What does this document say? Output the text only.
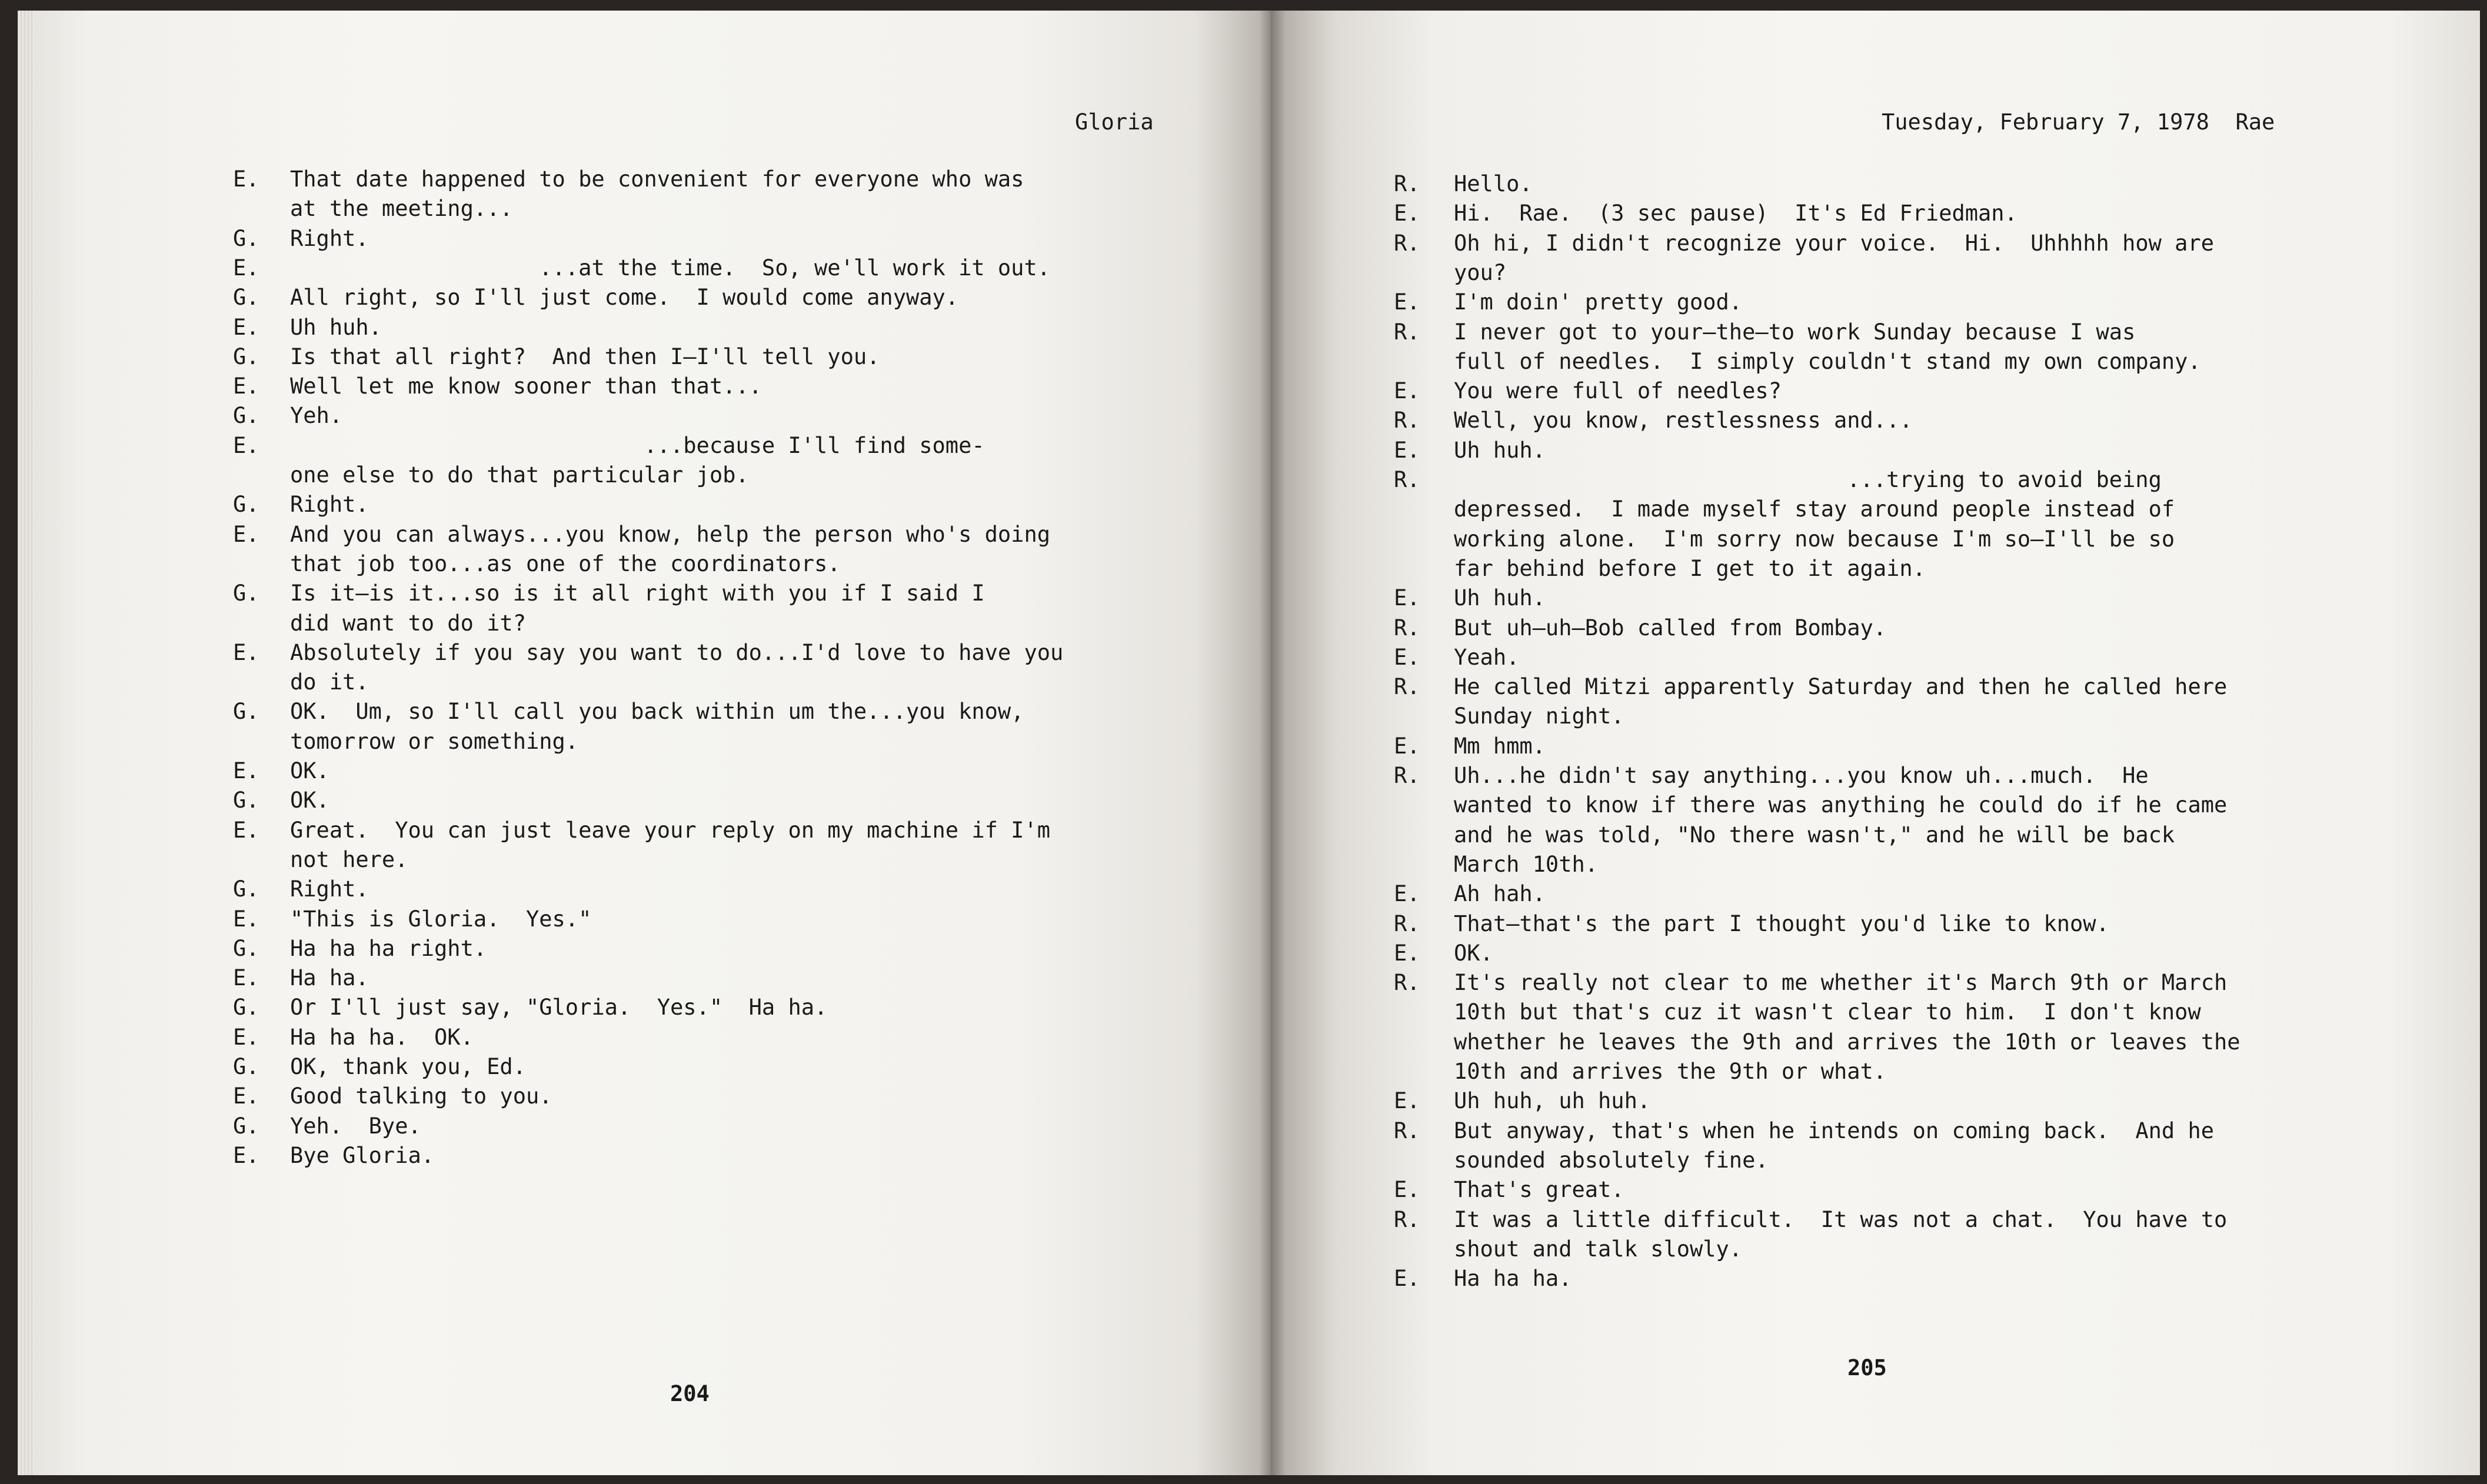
Gloria
E.	That date happened to be convenient for everyone who was
at the meeting...
G.	Right.
E.	...at the time.  So, we'll work it out.
G.	All right, so I'll just come.  I would come anyway.
E.	Uh huh.
G.	Is that all right?  And then I—I'll tell you.
E.	Well let me know sooner than that...
G.	Yeh.
E.	...because I'll find some-
one else to do that particular job.
G.	Right.
E.	And you can always...you know, help the person who's doing
that job too...as one of the coordinators.
G.	Is it—is it...so is it all right with you if I said I
did want to do it?
E.	Absolutely if you say you want to do...I'd love to have you
do it.
G.	OK.  Um, so I'll call you back within um the...you know,
tomorrow or something.
E.	OK.
G.	OK.
E.	Great.  You can just leave your reply on my machine if I'm
not here.
G.	Right.
E.	"This is Gloria.  Yes."
G.	Ha ha ha right.
E.	Ha ha.
G.	Or I'll just say, "Gloria.  Yes."  Ha ha.
E.	Ha ha ha.  OK.
G.	OK, thank you, Ed.
E.	Good talking to you.
G.	Yeh.  Bye.
E.	Bye Gloria.
204
Tuesday, February 7, 1978  Rae
R.	Hello.
E.	Hi.  Rae.  (3 sec pause)  It's Ed Friedman.
R.	Oh hi, I didn't recognize your voice.  Hi.  Uhhhhh how are
you?
E.	I'm doin' pretty good.
R.	I never got to your—the—to work Sunday because I was
full of needles.  I simply couldn't stand my own company.
E.	You were full of needles?
R.	Well, you know, restlessness and...
E.	Uh huh.
R.	...trying to avoid being
depressed.  I made myself stay around people instead of
working alone.  I'm sorry now because I'm so—I'll be so
far behind before I get to it again.
E.	Uh huh.
R.	But uh—uh—Bob called from Bombay.
E.	Yeah.
R.	He called Mitzi apparently Saturday and then he called here
Sunday night.
E.	Mm hmm.
R.	Uh...he didn't say anything...you know uh...much.  He
wanted to know if there was anything he could do if he came
and he was told, "No there wasn't," and he will be back
March 10th.
E.	Ah hah.
R.	That—that's the part I thought you'd like to know.
E.	OK.
R.	It's really not clear to me whether it's March 9th or March
10th but that's cuz it wasn't clear to him.  I don't know
whether he leaves the 9th and arrives the 10th or leaves the
10th and arrives the 9th or what.
E.	Uh huh, uh huh.
R.	But anyway, that's when he intends on coming back.  And he
sounded absolutely fine.
E.	That's great.
R.	It was a little difficult.  It was not a chat.  You have to
shout and talk slowly.
E.	Ha ha ha.
205
